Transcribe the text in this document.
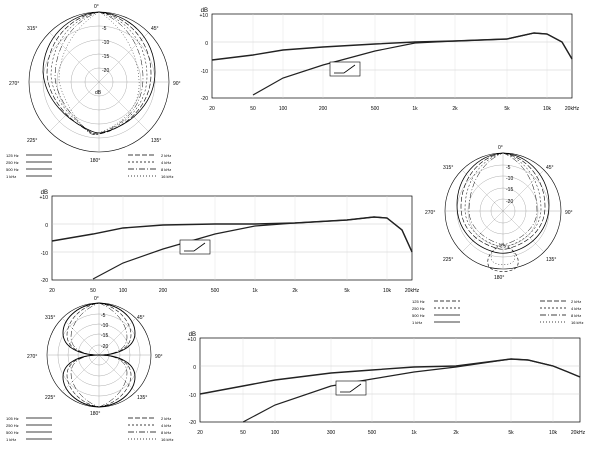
-5
-10
-15
-20
dB
0°
45°
90°
135°
180°
225°
270°
315°
125 Hz
250 Hz
500 Hz
1 kHz
2 kHz
4 kHz
8 kHz
16 kHz
dB
+10
0
-10
-20
20	50	100	200	500	1k	2k	5k	10k	20kHz
dB
+10
0
-10
-20
20	50	100	200	500	1k	2k	5k	10k	20kHz
-5
-10
-15
-20
0°
45°
90°
135°
180°
225°
270°
315°
125 Hz
250 Hz
500 Hz
1 kHz
2 kHz
4 kHz
8 kHz
16 kHz
-5
-10
-15
-20
0°
45°
90°
135°
180°
225°
270°
315°
105 Hz
250 Hz
500 Hz
1 kHz
2 kHz
4 kHz
8 kHz
16 kHz
dB
+10
0
-10
-20
20	50	100	300	500	1k	2k	5k	10k	20kHz
